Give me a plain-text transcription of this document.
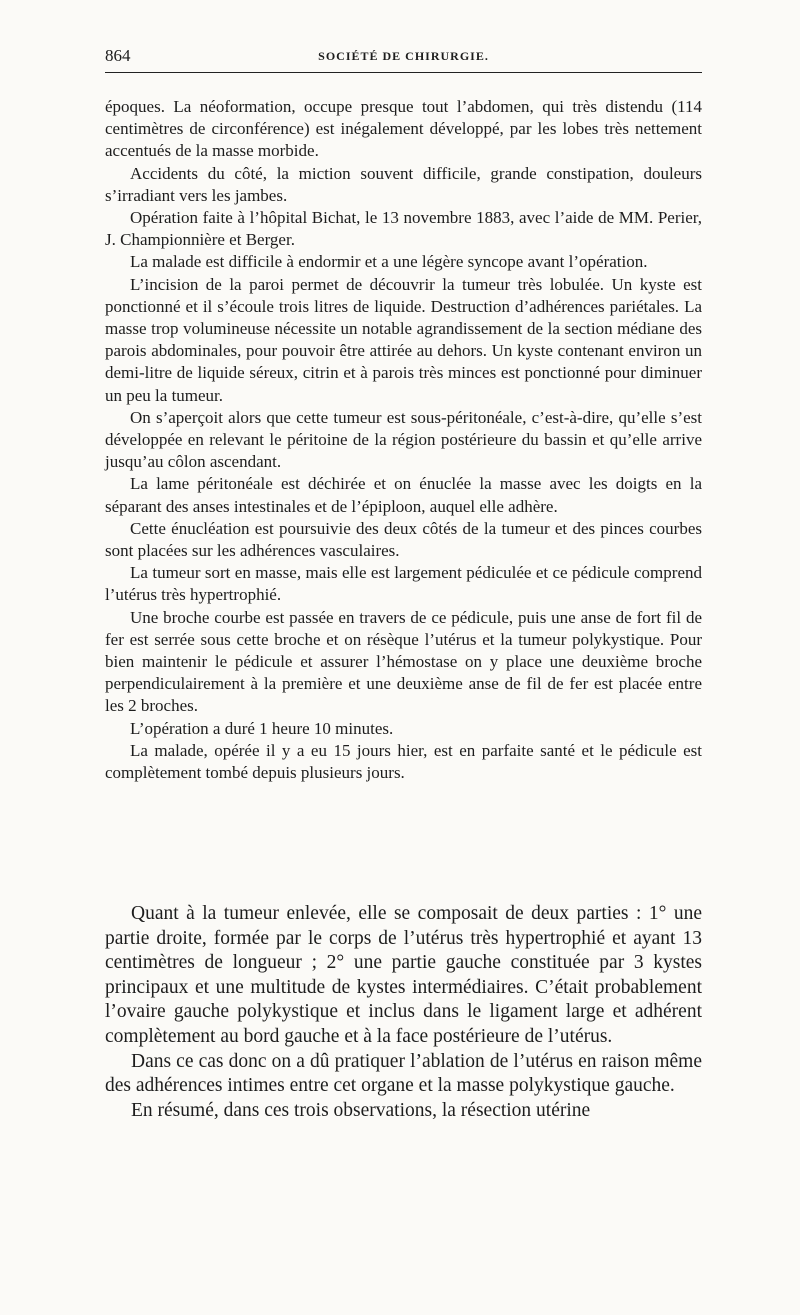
864	SOCIÉTÉ DE CHIRURGIE.

époques. La néoformation, occupe presque tout l’abdomen, qui très distendu (114 centimètres de circonférence) est inégalement développé, par les lobes très nettement accentués de la masse morbide.

Accidents du côté, la miction souvent difficile, grande constipation, douleurs s’irradiant vers les jambes.

Opération faite à l’hôpital Bichat, le 13 novembre 1883, avec l’aide de MM. Perier, J. Championnière et Berger.

La malade est difficile à endormir et a une légère syncope avant l’opération.

L’incision de la paroi permet de découvrir la tumeur très lobulée. Un kyste est ponctionné et il s’écoule trois litres de liquide. Destruction d’adhérences pariétales. La masse trop volumineuse nécessite un notable agrandissement de la section médiane des parois abdominales, pour pouvoir être attirée au dehors. Un kyste contenant environ un demi-litre de liquide séreux, citrin et à parois très minces est ponctionné pour diminuer un peu la tumeur.

On s’aperçoit alors que cette tumeur est sous-péritonéale, c’est-à-dire, qu’elle s’est développée en relevant le péritoine de la région postérieure du bassin et qu’elle arrive jusqu’au côlon ascendant.

La lame péritonéale est déchirée et on énuclée la masse avec les doigts en la séparant des anses intestinales et de l’épiploon, auquel elle adhère.

Cette énucléation est poursuivie des deux côtés de la tumeur et des pinces courbes sont placées sur les adhérences vasculaires.

La tumeur sort en masse, mais elle est largement pédiculée et ce pédicule comprend l’utérus très hypertrophié.

Une broche courbe est passée en travers de ce pédicule, puis une anse de fort fil de fer est serrée sous cette broche et on résèque l’utérus et la tumeur polykystique. Pour bien maintenir le pédicule et assurer l’hémostase on y place une deuxième broche perpendiculairement à la première et une deuxième anse de fil de fer est placée entre les 2 broches.

L’opération a duré 1 heure 10 minutes.

La malade, opérée il y a eu 15 jours hier, est en parfaite santé et le pédicule est complètement tombé depuis plusieurs jours.

Quant à la tumeur enlevée, elle se composait de deux parties : 1° une partie droite, formée par le corps de l’utérus très hypertrophié et ayant 13 centimètres de longueur ; 2° une partie gauche constituée par 3 kystes principaux et une multitude de kystes intermédiaires. C’était probablement l’ovaire gauche polykystique et inclus dans le ligament large et adhérent complètement au bord gauche et à la face postérieure de l’utérus.

Dans ce cas donc on a dû pratiquer l’ablation de l’utérus en raison même des adhérences intimes entre cet organe et la masse polykystique gauche.

En résumé, dans ces trois observations, la résection utérine
